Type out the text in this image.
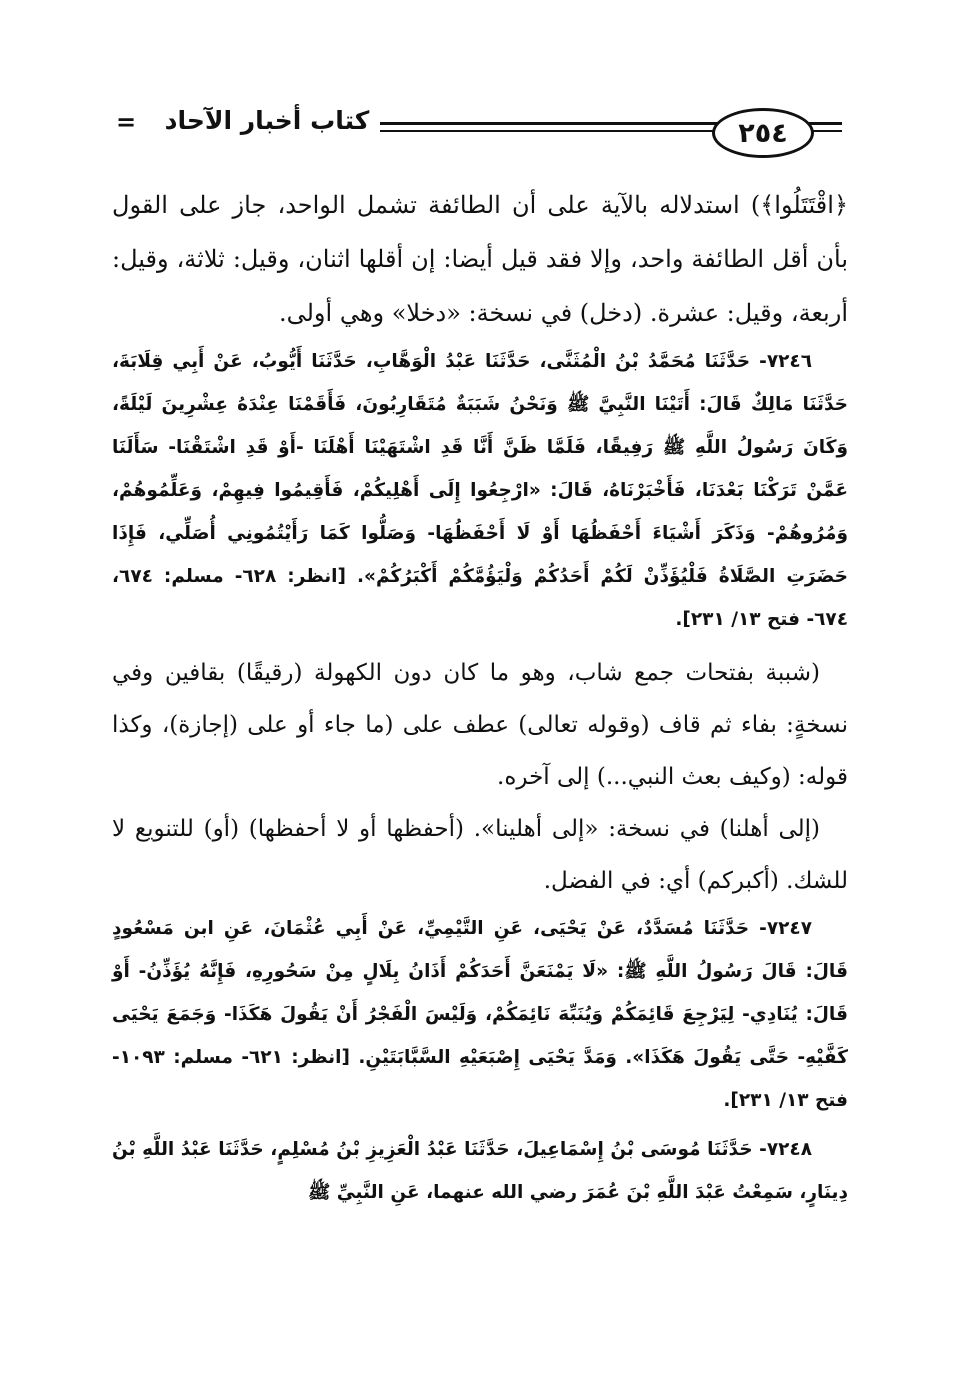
=	كتاب أخبار الآحاد	٢٥٤

﴿اقْتَتَلُوا﴾) استدلاله بالآية على أن الطائفة تشمل الواحد، جاز على القول بأن أقل الطائفة واحد، وإلا فقد قيل أيضا: إن أقلها اثنان، وقيل: ثلاثة، وقيل: أربعة، وقيل: عشرة. (دخل) في نسخة: «دخلا» وهي أولى.

٧٢٤٦- حَدَّثَنَا مُحَمَّدُ بْنُ الْمُثَنَّى، حَدَّثَنَا عَبْدُ الْوَهَّابِ، حَدَّثَنَا أَيُّوبُ، عَنْ أَبِي قِلَابَةَ، حَدَّثَنَا مَالِكٌ قَالَ: أَتَيْنَا النَّبِيَّ ﷺ وَنَحْنُ شَبَبَةٌ مُتَقَارِبُونَ، فَأَقَمْنَا عِنْدَهُ عِشْرِينَ لَيْلَةً، وَكَانَ رَسُولُ اللَّهِ ﷺ رَفِيقًا، فَلَمَّا ظَنَّ أَنَّا قَدِ اشْتَهَيْنَا أَهْلَنَا -أَوْ قَدِ اشْتَقْنَا- سَأَلَنَا عَمَّنْ تَرَكْنَا بَعْدَنَا، فَأَخْبَرْنَاهُ، قَالَ: «ارْجِعُوا إِلَى أَهْلِيكُمْ، فَأَقِيمُوا فِيهِمْ، وَعَلِّمُوهُمْ، وَمُرُوهُمْ- وَذَكَرَ أَشْيَاءَ أَحْفَظُهَا أَوْ لَا أَحْفَظُهَا- وَصَلُّوا كَمَا رَأَيْتُمُونِي أُصَلِّي، فَإِذَا حَضَرَتِ الصَّلَاةُ فَلْيُؤَذِّنْ لَكُمْ أَحَدُكُمْ وَلْيَؤُمَّكُمْ أَكْبَرُكُمْ». [انظر: ٦٢٨- مسلم: ٦٧٤، ٦٧٤- فتح ١٣/ ٢٣١].

(شببة بفتحات جمع شاب، وهو ما كان دون الكهولة (رقيقًا) بقافين وفي نسخةٍ: بفاء ثم قاف (وقوله تعالى) عطف على (ما جاء أو على (إجازة)، وكذا قوله: (وكيف بعث النبي...) إلى آخره.

(إلى أهلنا) في نسخة: «إلى أهلينا». (أحفظها أو لا أحفظها) (أو) للتنويع لا للشك. (أكبركم) أي: في الفضل.

٧٢٤٧- حَدَّثَنَا مُسَدَّدٌ، عَنْ يَحْيَى، عَنِ التَّيْمِيِّ، عَنْ أَبِي عُثْمَانَ، عَنِ ابن مَسْعُودٍ قَالَ: قَالَ رَسُولُ اللَّهِ ﷺ: «لَا يَمْنَعَنَّ أَحَدَكُمْ أَذَانُ بِلَالٍ مِنْ سَحُورِهِ، فَإِنَّهُ يُؤَذِّنُ- أَوْ قَالَ: يُنَادِي- لِيَرْجِعَ قَائِمَكُمْ وَيُنَبِّهَ نَائِمَكُمْ، وَلَيْسَ الْفَجْرُ أَنْ يَقُولَ هَكَذَا- وَجَمَعَ يَحْيَى كَفَّيْهِ- حَتَّى يَقُولَ هَكَذَا». وَمَدَّ يَحْيَى إِصْبَعَيْهِ السَّبَّابَتَيْنِ. [انظر: ٦٢١- مسلم: ١٠٩٣- فتح ١٣/ ٢٣١].

٧٢٤٨- حَدَّثَنَا مُوسَى بْنُ إِسْمَاعِيلَ، حَدَّثَنَا عَبْدُ الْعَزِيزِ بْنُ مُسْلِمٍ، حَدَّثَنَا عَبْدُ اللَّهِ بْنُ دِينَارٍ، سَمِعْتُ عَبْدَ اللَّهِ بْنَ عُمَرَ رضي الله عنهما، عَنِ النَّبِيِّ ﷺ
